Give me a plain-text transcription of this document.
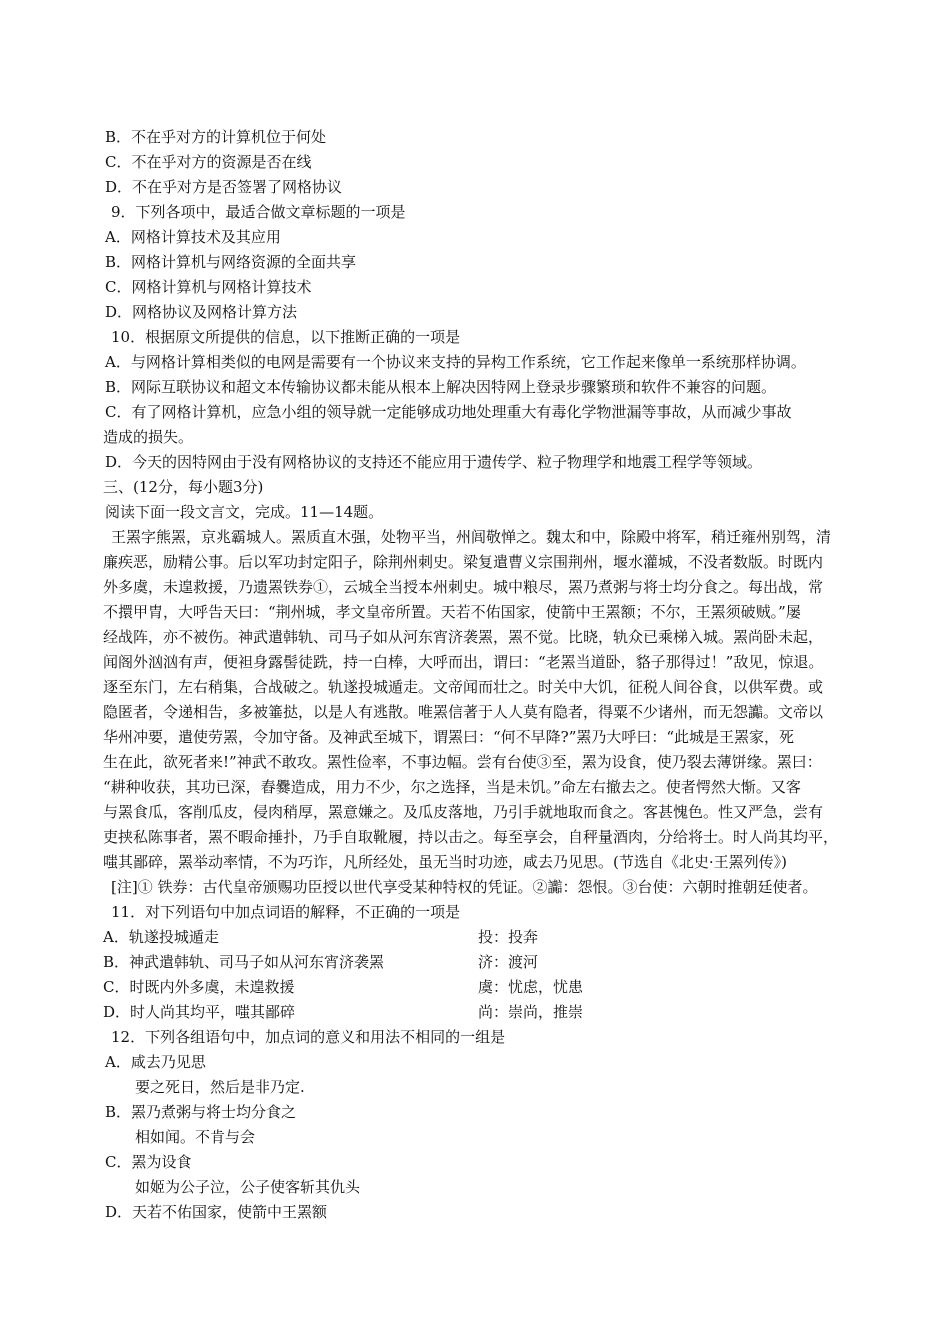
B．不在乎对方的计算机位于何处
C．不在乎对方的资源是否在线
D．不在乎对方是否签署了网格协议
9．下列各项中，最适合做文章标题的一项是
A．网格计算技术及其应用
B．网格计算机与网络资源的全面共享
C．网格计算机与网格计算技术
D．网格协议及网格计算方法
10．根据原文所提供的信息，以下推断正确的一项是
A．与网格计算相类似的电网是需要有一个协议来支持的异构工作系统，它工作起来像单一系统那样协调。
B．网际互联协议和超文本传输协议都未能从根本上解决因特网上登录步骤繁琐和软件不兼容的问题。
C．有了网格计算机，应急小组的领导就一定能够成功地处理重大有毒化学物泄漏等事故，从而减少事故
造成的损失。
D．今天的因特网由于没有网格协议的支持还不能应用于遗传学、粒子物理学和地震工程学等领域。
三、(12分，每小题3分)
阅读下面一段文言文，完成。11—14题。
王罴字熊罴，京兆霸城人。罴质直木强，处物平当，州闾敬惮之。魏太和中，除殿中将军，稍迁雍州别驾，清
廉疾恶，励精公事。后以军功封定阳子，除荆州刺史。梁复遣曹义宗围荆州，堰水灌城，不没者数版。时既内
外多虞，未遑救援，乃遗罴铁券①，云城全当授本州刺史。城中粮尽，罴乃煮粥与将士均分食之。每出战，常
不擐甲胄，大呼告天曰：“荆州城，孝文皇帝所置。天若不佑国家，使箭中王罴额；不尔，王罴须破贼。”屡
经战阵，亦不被伤。神武遣韩轨、司马子如从河东宵济袭罴，罴不觉。比晓，轨众已乘梯入城。罴尚卧未起，
闻阁外汹汹有声，便袒身露髻徒跣，持一白棒，大呼而出，谓曰：“老罴当道卧，貉子那得过！”敌见，惊退。
逐至东门，左右稍集，合战破之。轨遂投城遁走。文帝闻而壮之。时关中大饥，征税人间谷食，以供军费。或
隐匿者，令递相告，多被箠挞，以是人有逃散。唯罴信著于人人莫有隐者，得粟不少诸州，而无怨讟。文帝以
华州冲要，遣使劳罴，令加守备。及神武至城下，谓罴曰：“何不早降?”罴乃大呼曰：“此城是王罴家，死
生在此，欲死者来!”神武不敢攻。罴性俭率，不事边幅。尝有台使③至，罴为设食，使乃裂去薄饼缘。罴曰：
“耕种收获，其功已深，舂爨造成，用力不少，尔之选择，当是未饥。”命左右撤去之。使者愕然大惭。又客
与罴食瓜，客削瓜皮，侵肉稍厚，罴意嫌之。及瓜皮落地，乃引手就地取而食之。客甚愧色。性又严急，尝有
吏挟私陈事者，罴不暇命捶扑，乃手自取靴履，持以击之。每至享会，自秤量酒肉，分给将士。时人尚其均平，
嗤其鄙碎，罴举动率情，不为巧诈，凡所经处，虽无当时功迹，咸去乃见思。(节选自《北史·王罴列传》)
[注]① 铁券：古代皇帝颁赐功臣授以世代享受某种特权的凭证。②讟：怨恨。③台使：六朝时推朝廷使者。
11．对下列语句中加点词语的解释，不正确的一项是
A．轨遂投城遁走	投：投奔
B．神武遣韩轨、司马子如从河东宵济袭罴	济：渡河
C．时既内外多虞，未遑救援	虞：忧虑，忧患
D．时人尚其均平，嗤其鄙碎	尚：崇尚，推崇
12．下列各组语句中，加点词的意义和用法不相同的一组是
A．咸去乃见思
要之死日，然后是非乃定.
B．罴乃煮粥与将士均分食之
相如闻。不肯与会
C．罴为设食
如姬为公子泣，公子使客斩其仇头
D．天若不佑国家，使箭中王罴额
